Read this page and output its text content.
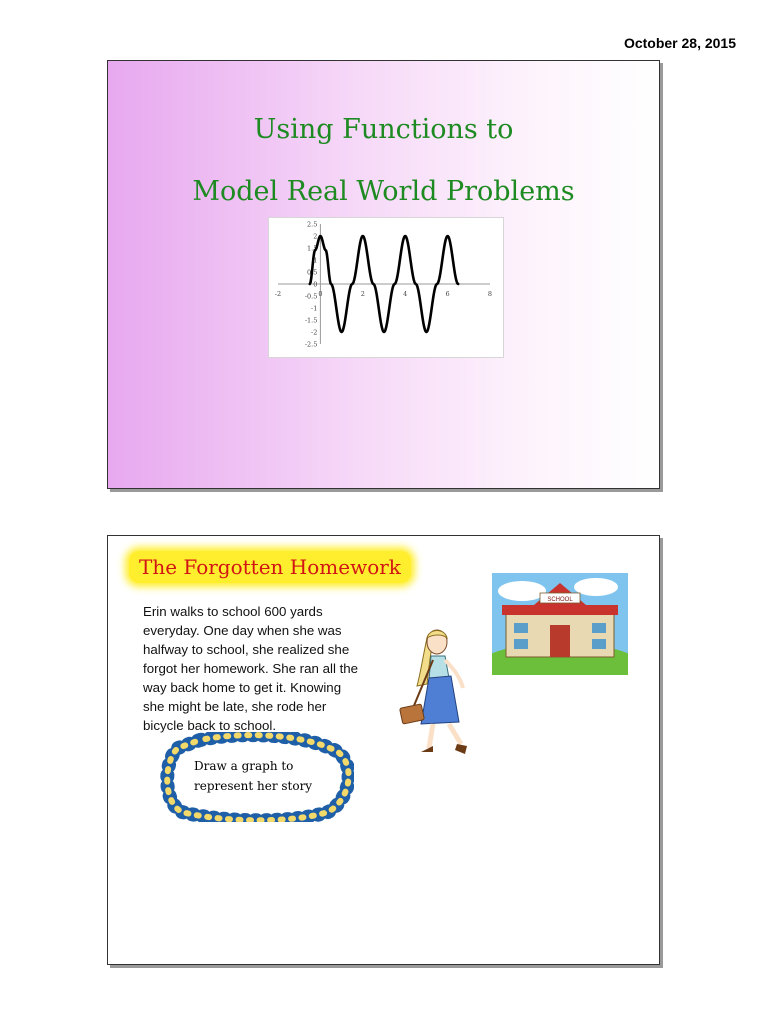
October 28, 2015
Using Functions to
Model Real World Problems
-2	0	2	4	6	8
2.5
2
1.5
1
0.5
0
-0.5
-1
-1.5
-2
-2.5
The Forgotten Homework
Erin walks to school 600 yards everyday. One day when she was halfway to school, she realized she forgot her homework. She ran all the way back home to get it. Knowing she might be late, she rode her bicycle back to school.
Draw a graph to
represent her story
SCHOOL
